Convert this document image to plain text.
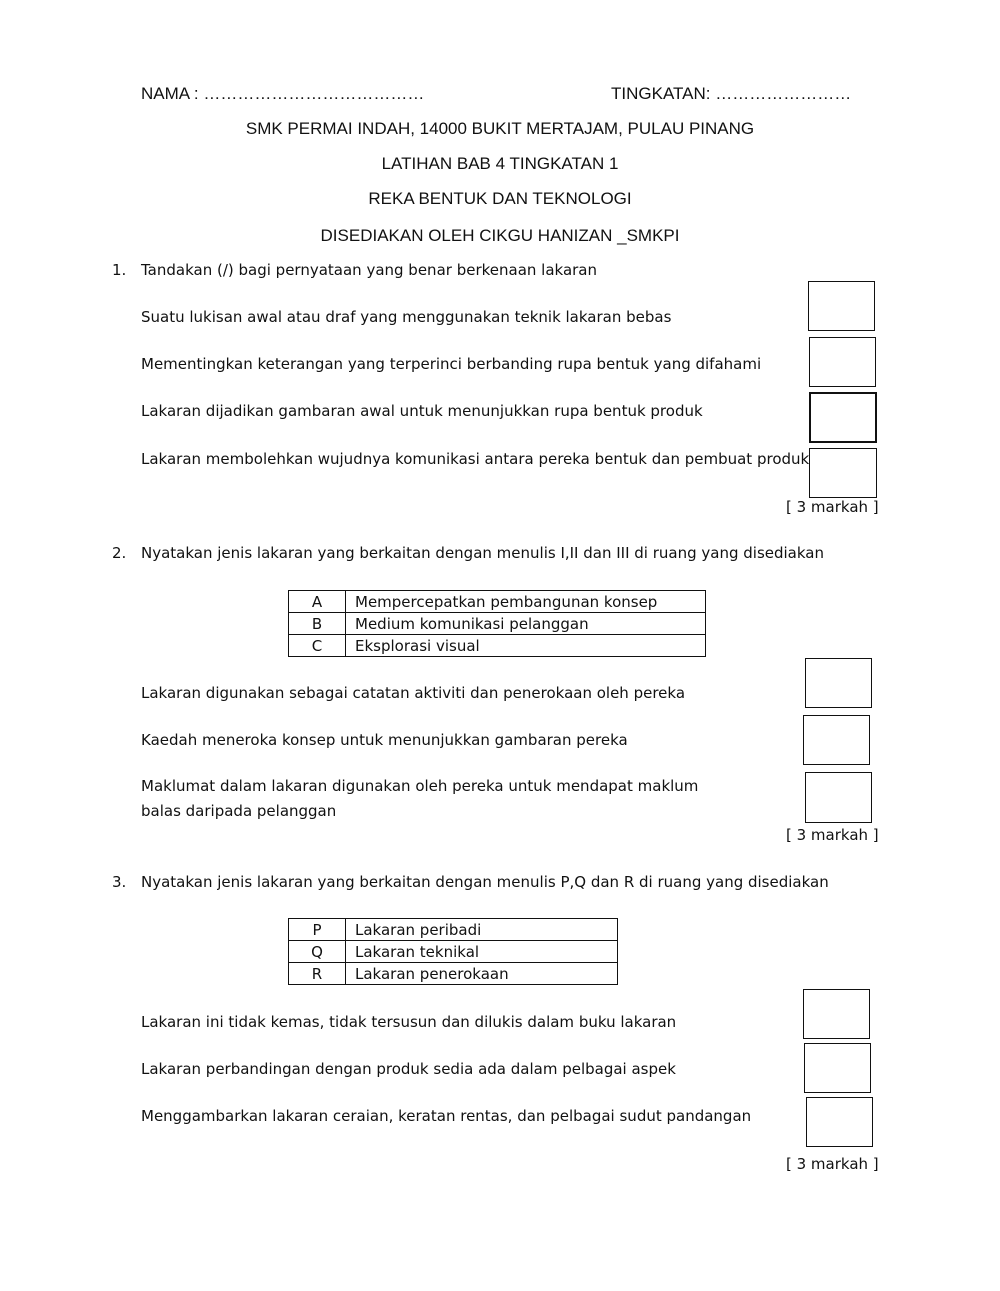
NAMA : …………………………………	TINGKATAN: ……………………
SMK PERMAI INDAH, 14000 BUKIT MERTAJAM, PULAU PINANG
LATIHAN BAB 4 TINGKATAN 1
REKA BENTUK DAN TEKNOLOGI
DISEDIAKAN OLEH CIKGU HANIZAN _SMKPI
1. Tandakan (/) bagi pernyataan yang benar berkenaan lakaran
Suatu lukisan awal atau draf yang menggunakan teknik lakaran bebas
Mementingkan keterangan yang terperinci berbanding rupa bentuk yang difahami
Lakaran dijadikan gambaran awal untuk menunjukkan rupa bentuk produk
Lakaran membolehkan wujudnya komunikasi antara pereka bentuk dan pembuat produk
[ 3 markah ]
2. Nyatakan jenis lakaran yang berkaitan dengan menulis I,II dan III di ruang yang disediakan
A	Mempercepatkan pembangunan konsep
B	Medium komunikasi pelanggan
C	Eksplorasi visual
Lakaran digunakan sebagai catatan aktiviti dan penerokaan oleh pereka
Kaedah meneroka konsep untuk menunjukkan gambaran pereka
Maklumat dalam lakaran digunakan oleh pereka untuk mendapat maklum balas daripada pelanggan
[ 3 markah ]
3. Nyatakan jenis lakaran yang berkaitan dengan menulis P,Q dan R di ruang yang disediakan
P	Lakaran peribadi
Q	Lakaran teknikal
R	Lakaran penerokaan
Lakaran ini tidak kemas, tidak tersusun dan dilukis dalam buku lakaran
Lakaran perbandingan dengan produk sedia ada dalam pelbagai aspek
Menggambarkan lakaran ceraian, keratan rentas, dan pelbagai sudut pandangan
[ 3 markah ]
